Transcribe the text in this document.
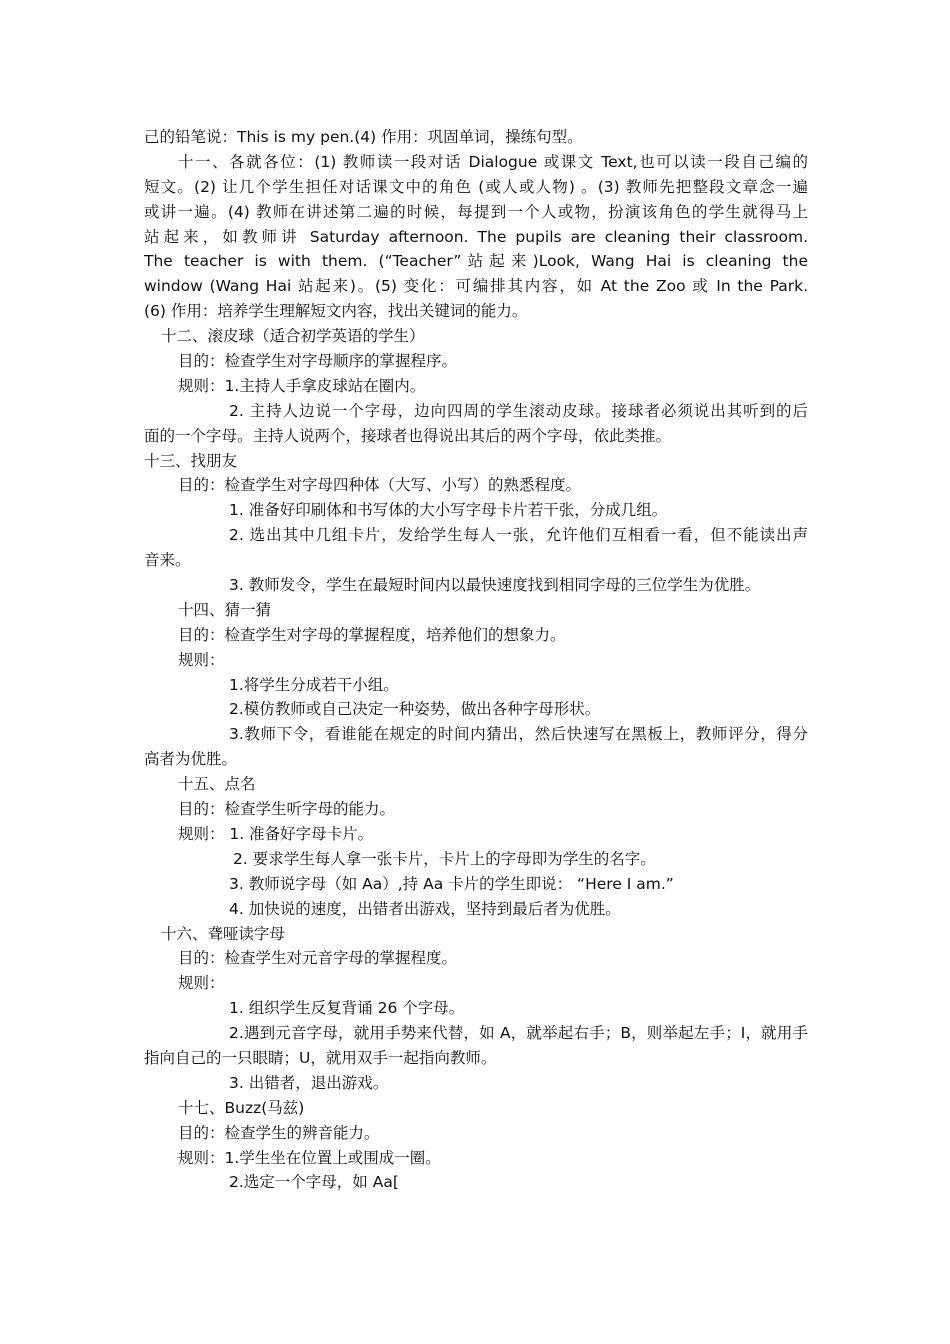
己的铅笔说：This is my pen.(4) 作用：巩固单词，操练句型。
十一、各就各位：(1) 教师读一段对话 Dialogue 或课文 Text,也可以读一段自己编的
短文。(2) 让几个学生担任对话课文中的角色 (或人或人物) 。(3) 教师先把整段文章念一遍
或讲一遍。(4) 教师在讲述第二遍的时候，每提到一个人或物，扮演该角色的学生就得马上
站起来，如教师讲 Saturday afternoon. The pupils are cleaning their classroom.
The teacher is with them. (“Teacher”站起来)Look, Wang Hai is cleaning the
window (Wang Hai 站起来)。(5) 变化：可编排其内容，如 At the Zoo 或 In the Park.
(6) 作用：培养学生理解短文内容，找出关键词的能力。
十二、滚皮球（适合初学英语的学生）
目的：检查学生对字母顺序的掌握程序。
规则：1.主持人手拿皮球站在圈内。
2. 主持人边说一个字母，边向四周的学生滚动皮球。接球者必须说出其听到的后
面的一个字母。主持人说两个，接球者也得说出其后的两个字母，依此类推。
十三、找朋友
目的：检查学生对字母四种体（大写、小写）的熟悉程度。
1. 准备好印刷体和书写体的大小写字母卡片若干张，分成几组。
2. 选出其中几组卡片，发给学生每人一张，允许他们互相看一看，但不能读出声
音来。
3. 教师发令，学生在最短时间内以最快速度找到相同字母的三位学生为优胜。
十四、猜一猜
目的：检查学生对字母的掌握程度，培养他们的想象力。
规则：
1.将学生分成若干小组。
2.模仿教师或自己决定一种姿势，做出各种字母形状。
3.教师下令，看谁能在规定的时间内猜出，然后快速写在黑板上，教师评分，得分
高者为优胜。
十五、点名
目的：检查学生听字母的能力。
规则： 1. 准备好字母卡片。
2. 要求学生每人拿一张卡片，卡片上的字母即为学生的名字。
3. 教师说字母（如 Aa）,持 Aa 卡片的学生即说： “Here I am.”
4. 加快说的速度，出错者出游戏，坚持到最后者为优胜。
十六、聋哑读字母
目的：检查学生对元音字母的掌握程度。
规则：
1. 组织学生反复背诵 26 个字母。
2.遇到元音字母，就用手势来代替，如 A，就举起右手；B，则举起左手；I，就用手
指向自己的一只眼睛；U，就用双手一起指向教师。
3. 出错者，退出游戏。
十七、Buzz(马兹)
目的：检查学生的辨音能力。
规则：1.学生坐在位置上或围成一圈。
2.选定一个字母，如 Aa[
